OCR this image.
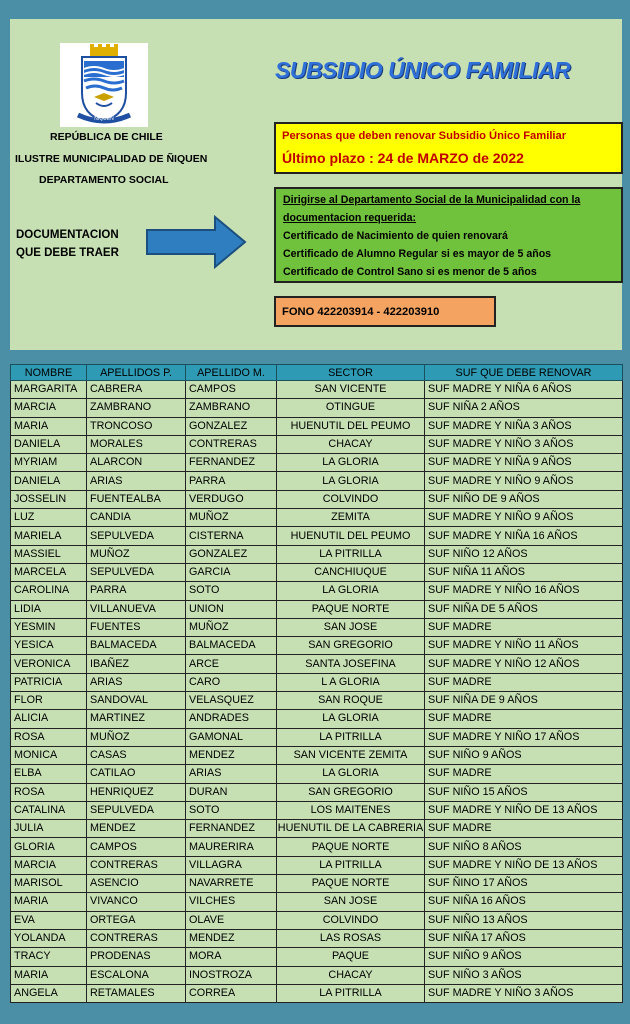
ÑIQUEN
REPÚBLICA DE CHILE
ILUSTRE MUNICIPALIDAD DE ÑIQUEN
DEPARTAMENTO SOCIAL
SUBSIDIO ÚNICO FAMILIAR
Personas que deben renovar Subsidio Único Familiar
Último plazo : 24 de MARZO de 2022
DOCUMENTACION
QUE DEBE TRAER
Dirigirse al Departamento Social de la Municipalidad con la
documentacion requerida:
Certificado de Nacimiento de quien renovará
Certificado de Alumno Regular si es mayor de 5 años
Certificado de Control Sano si es menor de 5 años
FONO 422203914 - 422203910
NOMBRE	APELLIDOS P.	APELLIDO M.	SECTOR	SUF QUE DEBE RENOVAR
MARGARITA	CABRERA	CAMPOS	SAN VICENTE	SUF MADRE Y NIÑA 6 AÑOS
MARCIA	ZAMBRANO	ZAMBRANO	OTINGUE	SUF NIÑA 2 AÑOS
MARIA	TRONCOSO	GONZALEZ	HUENUTIL DEL PEUMO	SUF MADRE Y NIÑA 3 AÑOS
DANIELA	MORALES	CONTRERAS	CHACAY	SUF MADRE Y NIÑO 3 AÑOS
MYRIAM	ALARCON	FERNANDEZ	LA GLORIA	SUF MADRE Y NIÑA 9 AÑOS
DANIELA	ARIAS	PARRA	LA GLORIA	SUF MADRE Y NIÑO 9 AÑOS
JOSSELIN	FUENTEALBA	VERDUGO	COLVINDO	SUF NIÑO DE 9 AÑOS
LUZ	CANDIA	MUÑOZ	ZEMITA	SUF MADRE Y NIÑO 9 AÑOS
MARIELA	SEPULVEDA	CISTERNA	HUENUTIL DEL PEUMO	SUF MADRE Y NIÑA 16 AÑOS
MASSIEL	MUÑOZ	GONZALEZ	LA PITRILLA	SUF NIÑO 12 AÑOS
MARCELA	SEPULVEDA	GARCIA	CANCHIUQUE	SUF NIÑA 11 AÑOS
CAROLINA	PARRA	SOTO	LA GLORIA	SUF MADRE Y NIÑO 16 AÑOS
LIDIA	VILLANUEVA	UNION	PAQUE NORTE	SUF NIÑA DE 5 AÑOS
YESMIN	FUENTES	MUÑOZ	SAN JOSE	SUF MADRE
YESICA	BALMACEDA	BALMACEDA	SAN GREGORIO	SUF MADRE Y NIÑO 11 AÑOS
VERONICA	IBAÑEZ	ARCE	SANTA JOSEFINA	SUF MADRE Y NIÑO 12 AÑOS
PATRICIA	ARIAS	CARO	L A GLORIA	SUF MADRE
FLOR	SANDOVAL	VELASQUEZ	SAN ROQUE	SUF NIÑA DE 9 AÑOS
ALICIA	MARTINEZ	ANDRADES	LA GLORIA	SUF MADRE
ROSA	MUÑOZ	GAMONAL	LA PITRILLA	SUF MADRE Y NIÑO 17 AÑOS
MONICA	CASAS	MENDEZ	SAN VICENTE ZEMITA	SUF NIÑO 9 AÑOS
ELBA	CATILAO	ARIAS	LA GLORIA	SUF MADRE
ROSA	HENRIQUEZ	DURAN	SAN GREGORIO	SUF NIÑO 15 AÑOS
CATALINA	SEPULVEDA	SOTO	LOS MAITENES	SUF MADRE Y NIÑO DE 13 AÑOS
JULIA	MENDEZ	FERNANDEZ	HUENUTIL DE LA CABRERIA	SUF MADRE
GLORIA	CAMPOS	MAURERIRA	PAQUE NORTE	SUF NIÑO 8 AÑOS
MARCIA	CONTRERAS	VILLAGRA	LA PITRILLA	SUF MADRE Y NIÑO DE 13 AÑOS
MARISOL	ASENCIO	NAVARRETE	PAQUE NORTE	SUF ÑINO 17 AÑOS
MARIA	VIVANCO	VILCHES	SAN JOSE	SUF NIÑA 16 AÑOS
EVA	ORTEGA	OLAVE	COLVINDO	SUF NIÑO 13 AÑOS
YOLANDA	CONTRERAS	MENDEZ	LAS ROSAS	SUF NIÑA 17 AÑOS
TRACY	PRODENAS	MORA	PAQUE	SUF NIÑO 9 AÑOS
MARIA	ESCALONA	INOSTROZA	CHACAY	SUF NIÑO 3 AÑOS
ANGELA	RETAMALES	CORREA	LA PITRILLA	SUF MADRE Y NIÑO 3 AÑOS
